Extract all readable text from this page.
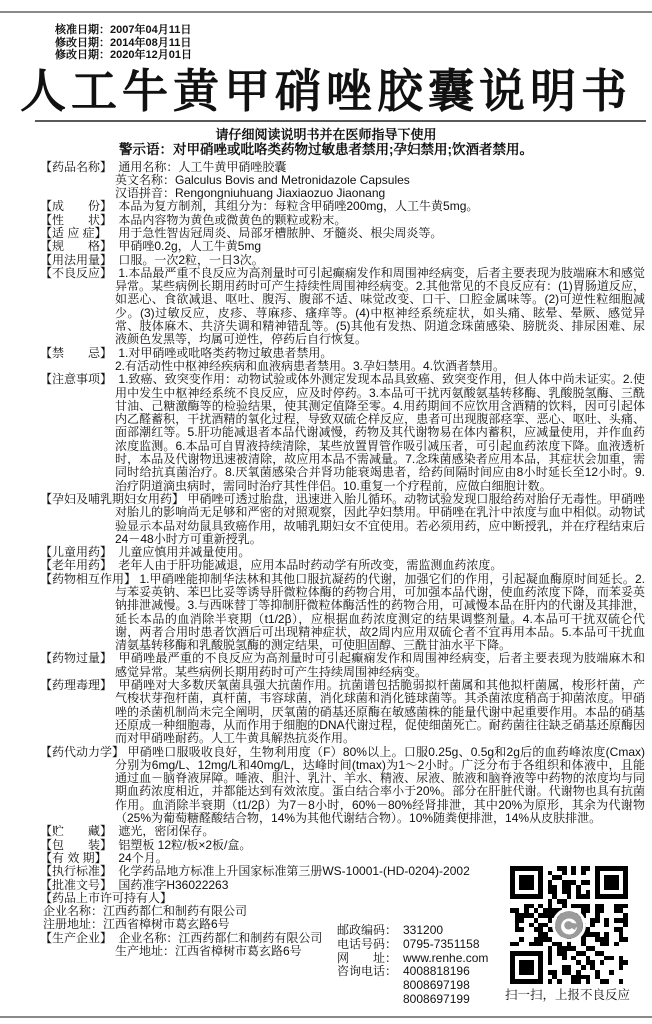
核准日期：2007年04月11日
修改日期：2014年08月11日
修改日期：2020年12月01日
人工牛黄甲硝唑胶囊说明书
请仔细阅读说明书并在医师指导下使用
警示语：对甲硝唑或吡咯类药物过敏患者禁用;孕妇禁用;饮酒者禁用。
【药品名称】 通用名称：人工牛黄甲硝唑胶囊
英文名称：Galculus Bovis and Metronidazole Capsules
汉语拼音：Rengongniuhuang Jiaxiaozuo Jiaonang
【成　　份】 本品为复方制剂，其组分为：每粒含甲硝唑200mg，人工牛黄5mg。
【性　　状】 本品内容物为黄色或微黄色的颗粒或粉末。
【适 应 症】 用于急性智齿冠周炎、局部牙槽脓肿、牙髓炎、根尖周炎等。
【规　　格】 甲硝唑0.2g，人工牛黄5mg
【用法用量】 口服。一次2粒，一日3次。
【不良反应】 1.本品最严重不良反应为高剂量时可引起癫痫发作和周围神经病变，后者主要表现为肢端麻木和感觉异常。某些病例长期用药时可产生持续性周围神经病变。2.其他常见的不良反应有：(1)胃肠道反应，如恶心、食欲减退、呕吐、腹泻、腹部不适、味觉改变、口干、口腔金属味等。(2)可逆性粒细胞减少。(3)过敏反应，皮疹、荨麻疹、瘙痒等。(4)中枢神经系统症状，如头痛、眩晕、晕厥、感觉异常、肢体麻木、共济失调和精神错乱等。(5)其他有发热、阴道念珠菌感染、膀胱炎、排尿困难、尿液颜色发黑等，均属可逆性，停药后自行恢复。
【禁　　忌】 1.对甲硝唑或吡咯类药物过敏患者禁用。
2.有活动性中枢神经疾病和血液病患者禁用。3.孕妇禁用。4.饮酒者禁用。
【注意事项】 1.致癌、致突变作用：动物试验或体外测定发现本品具致癌、致突变作用，但人体中尚未证实。2.使用中发生中枢神经系统不良反应，应及时停药。3.本品可干扰丙氨酸氨基转移酶、乳酸脱氢酶、三酰甘油、己糖激酶等的检验结果，使其测定值降至零。4.用药期间不应饮用含酒精的饮料，因可引起体内乙醛蓄积，干扰酒精的氧化过程，导致双硫仑样反应，患者可出现腹部痉挛、恶心、呕吐、头痛、面部潮红等。5.肝功能减退者本品代谢减慢，药物及其代谢物易在体内蓄积，应减量使用，并作血药浓度监测。6.本品可自胃液持续清除，某些放置胃管作吸引减压者，可引起血药浓度下降。血液透析时，本品及代谢物迅速被清除，故应用本品不需减量。7.念珠菌感染者应用本品，其症状会加重，需同时给抗真菌治疗。8.厌氧菌感染合并肾功能衰竭患者，给药间隔时间应由8小时延长至12小时。9.治疗阴道滴虫病时，需同时治疗其性伴侣。10.重复一个疗程前，应做白细胞计数。
【孕妇及哺乳期妇女用药】 甲硝唑可透过胎盘，迅速进入胎儿循环。动物试验发现口服给药对胎仔无毒性。甲硝唑对胎儿的影响尚无足够和严密的对照观察，因此孕妇禁用。甲硝唑在乳汁中浓度与血中相似。动物试验显示本品对幼鼠具致癌作用，故哺乳期妇女不宜使用。若必须用药，应中断授乳，并在疗程结束后24－48小时方可重新授乳。
【儿童用药】 儿童应慎用并减量使用。
【老年用药】 老年人由于肝功能减退，应用本品时药动学有所改变，需监测血药浓度。
【药物相互作用】 1.甲硝唑能抑制华法林和其他口服抗凝药的代谢，加强它们的作用，引起凝血酶原时间延长。2.与苯妥英钠、苯巴比妥等诱导肝微粒体酶的药物合用，可加强本品代谢，使血药浓度下降，而苯妥英钠排泄减慢。3.与西咪替丁等抑制肝微粒体酶活性的药物合用，可减慢本品在肝内的代谢及其排泄，延长本品的血消除半衰期（t1/2β），应根据血药浓度测定的结果调整剂量。4.本品可干扰双硫仑代谢，两者合用时患者饮酒后可出现精神症状，故2周内应用双硫仑者不宜再用本品。5.本品可干扰血清氨基转移酶和乳酸脱氢酶的测定结果，可使胆固醇、三酰甘油水平下降。
【药物过量】 甲硝唑最严重的不良反应为高剂量时可引起癫痫发作和周围神经病变，后者主要表现为肢端麻木和感觉异常。某些病例长期用药时可产生持续周围神经病变。
【药理毒理】 甲硝唑对大多数厌氧菌具强大抗菌作用。抗菌谱包括脆弱拟杆菌属和其他拟杆菌属，梭形杆菌，产气梭状芽孢杆菌，真杆菌，韦容球菌，消化球菌和消化链球菌等。其杀菌浓度稍高于抑菌浓度。甲硝唑的杀菌机制尚未完全阐明，厌氧菌的硝基还原酶在敏感菌株的能量代谢中起重要作用。本品的硝基还原成一种细胞毒，从而作用于细胞的DNA代谢过程，促使细菌死亡。耐药菌往往缺乏硝基还原酶因而对甲硝唑耐药。人工牛黄具解热抗炎作用。
【药代动力学】 甲硝唑口服吸收良好，生物利用度（F）80%以上。口服0.25g、0.5g和2g后的血药峰浓度(Cmax)分别为6mg/L、12mg/L和40mg/L，达峰时间(tmax)为1～2小时。广泛分布于各组织和体液中，且能通过血－脑脊液屏障。唾液、胆汁、乳汁、羊水、精液、尿液、脓液和脑脊液等中药物的浓度均与同期血药浓度相近，并都能达到有效浓度。蛋白结合率小于20%。部分在肝脏代谢。代谢物也具有抗菌作用。血消除半衰期（t1/2β）为7－8小时，60%－80%经肾排泄，其中20%为原形，其余为代谢物（25%为葡萄糖醛酸结合物，14%为其他代谢结合物）。10%随粪便排泄，14%从皮肤排泄。
【贮　　藏】 遮光，密闭保存。
【包　　装】 铝塑板 12粒/板×2板/盒。
【有 效 期】 24个月。
【执行标准】 化学药品地方标准上升国家标准第三册WS-10001-(HD-0204)-2002
【批准文号】 国药准字H36022263
【药品上市许可持有人】
企业名称：江西药都仁和制药有限公司
注册地址：江西省樟树市葛玄路6号
【生产企业】 企业名称：江西药都仁和制药有限公司
生产地址：江西省樟树市葛玄路6号
邮政编码： 331200
电话号码： 0795-7351158
网　　址： www.renhe.com
咨询电话： 4008818196
8008697198
8008697199	扫一扫，上报不良反应
